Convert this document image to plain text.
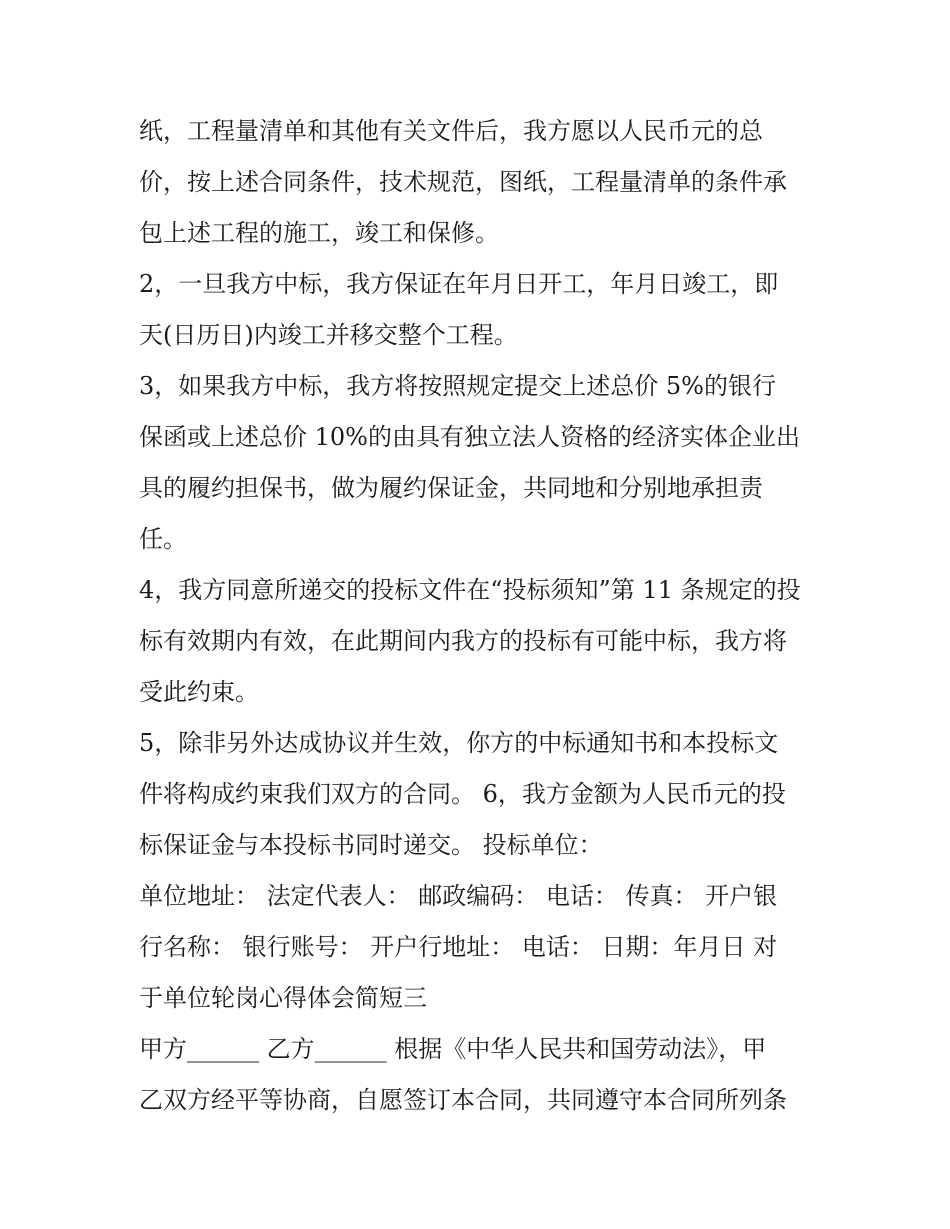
纸，工程量清单和其他有关文件后，我方愿以人民币元的总

价，按上述合同条件，技术规范，图纸，工程量清单的条件承

包上述工程的施工，竣工和保修。

2，一旦我方中标，我方保证在年月日开工，年月日竣工，即

天(日历日)内竣工并移交整个工程。

3，如果我方中标，我方将按照规定提交上述总价 5%的银行

保函或上述总价 10%的由具有独立法人资格的经济实体企业出

具的履约担保书，做为履约保证金，共同地和分别地承担责

任。

4，我方同意所递交的投标文件在“投标须知”第 11 条规定的投

标有效期内有效，在此期间内我方的投标有可能中标，我方将

受此约束。

5，除非另外达成协议并生效，你方的中标通知书和本投标文

件将构成约束我们双方的合同。 6，我方金额为人民币元的投

标保证金与本投标书同时递交。 投标单位：

单位地址： 法定代表人： 邮政编码： 电话： 传真： 开户银

行名称： 银行账号： 开户行地址： 电话： 日期：年月日 对

于单位轮岗心得体会简短三

甲方______ 乙方______ 根据《中华人民共和国劳动法》，甲

乙双方经平等协商，自愿签订本合同，共同遵守本合同所列条
